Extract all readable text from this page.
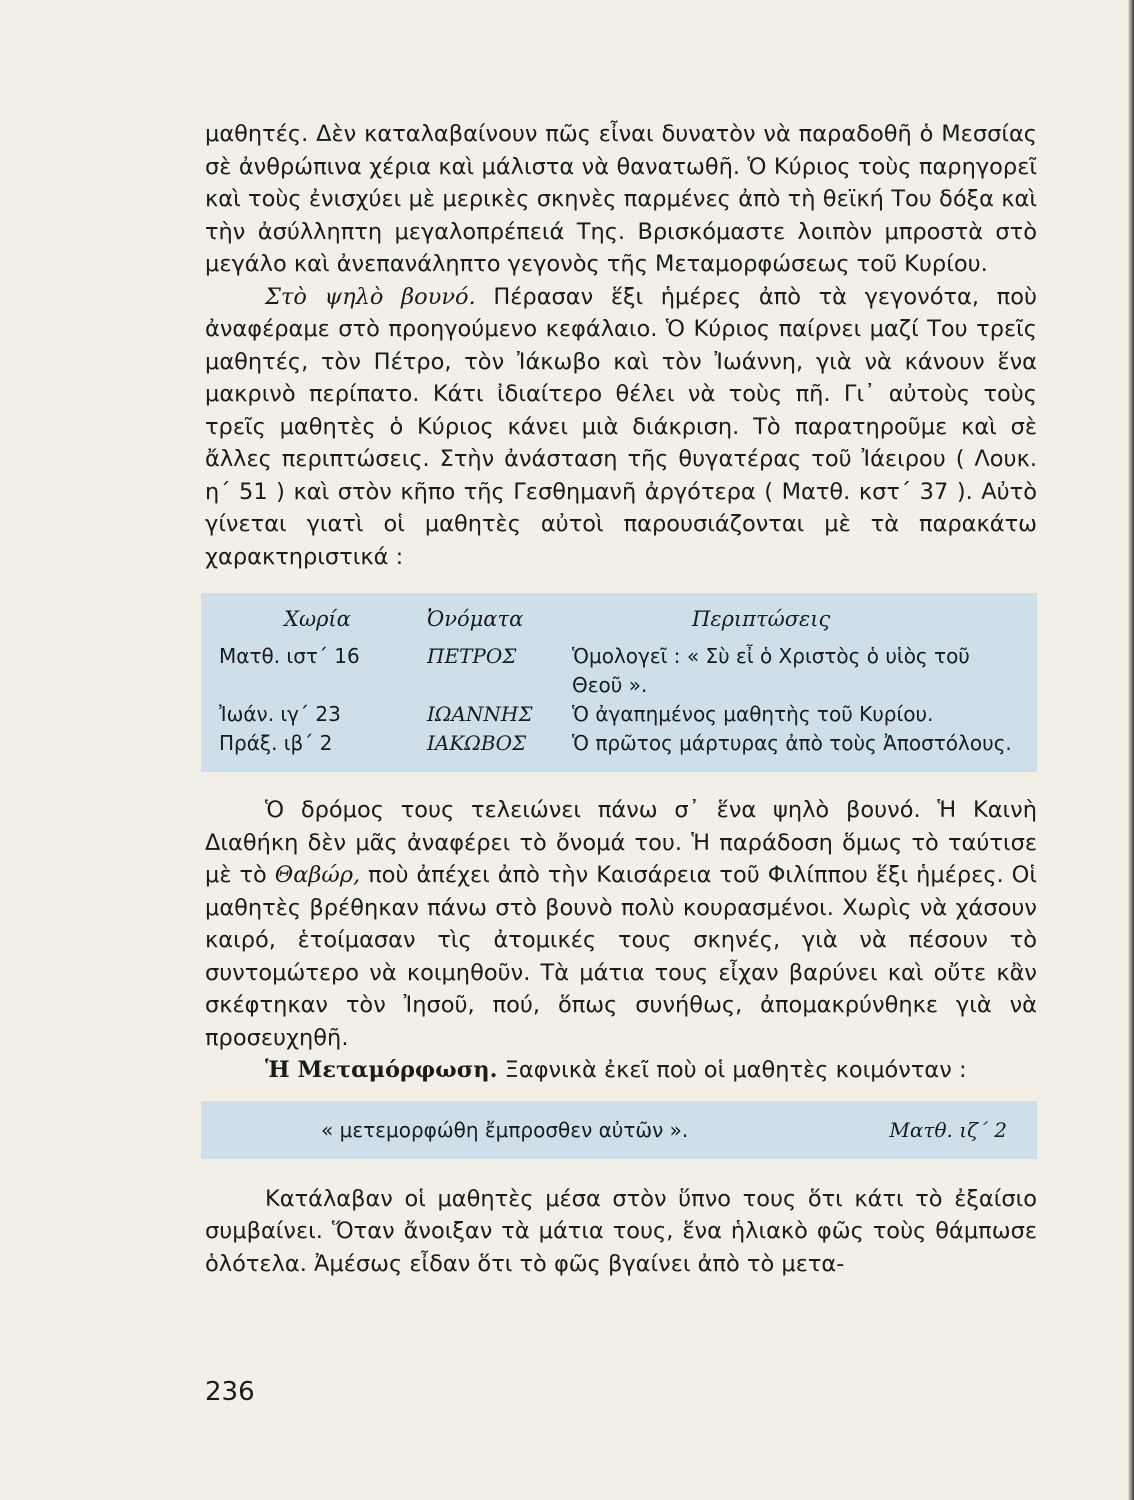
μαθητές. Δὲν καταλαβαίνουν πῶς εἶναι δυνατὸν νὰ παραδοθῆ ὁ Μεσσίας σὲ ἀνθρώπινα χέρια καὶ μάλιστα νὰ θανατωθῆ. Ὁ Κύριος τοὺς παρηγορεῖ καὶ τοὺς ἐνισχύει μὲ μερικὲς σκηνὲς παρμένες ἀπὸ τὴ θεϊκή Του δόξα καὶ τὴν ἀσύλληπτη μεγαλοπρέπειά Της. Βρισκόμαστε λοιπὸν μπροστὰ στὸ μεγάλο καὶ ἀνεπανάληπτο γεγονὸς τῆς Μεταμορφώσεως τοῦ Κυρίου.

Στὸ ψηλὸ βουνό. Πέρασαν ἕξι ἡμέρες ἀπὸ τὰ γεγονότα, ποὺ ἀναφέραμε στὸ προηγούμενο κεφάλαιο. Ὁ Κύριος παίρνει μαζί Του τρεῖς μαθητές, τὸν Πέτρο, τὸν Ἰάκωβο καὶ τὸν Ἰωάννη, γιὰ νὰ κάνουν ἕνα μακρινὸ περίπατο. Κάτι ἰδιαίτερο θέλει νὰ τοὺς πῆ. Γι᾽ αὐτοὺς τοὺς τρεῖς μαθητὲς ὁ Κύριος κάνει μιὰ διάκριση. Τὸ παρατηροῦμε καὶ σὲ ἄλλες περιπτώσεις. Στὴν ἀνάσταση τῆς θυγατέρας τοῦ Ἰάειρου ( Λουκ. η΄ 51 ) καὶ στὸν κῆπο τῆς Γεσθημανῆ ἀργότερα ( Ματθ. κστ΄ 37 ). Αὐτὸ γίνεται γιατὶ οἱ μαθητὲς αὐτοὶ παρουσιάζονται μὲ τὰ παρακάτω χαρακτηριστικά :

Χωρία	Ὀνόματα	Περιπτώσεις
Ματθ. ιστ΄ 16	ΠΕΤΡΟΣ	Ὁμολογεῖ : « Σὺ εἶ ὁ Χριστὸς ὁ υἱὸς τοῦ Θεοῦ ».
Ἰωάν. ιγ΄ 23	ΙΩΑΝΝΗΣ	Ὁ ἀγαπημένος μαθητὴς τοῦ Κυρίου.
Πράξ. ιβ΄ 2	ΙΑΚΩΒΟΣ	Ὁ πρῶτος μάρτυρας ἀπὸ τοὺς Ἀποστόλους.

Ὁ δρόμος τους τελειώνει πάνω σ᾽ ἕνα ψηλὸ βουνό. Ἡ Καινὴ Διαθήκη δὲν μᾶς ἀναφέρει τὸ ὄνομά του. Ἡ παράδοση ὅμως τὸ ταύτισε μὲ τὸ Θαβώρ, ποὺ ἀπέχει ἀπὸ τὴν Καισάρεια τοῦ Φιλίππου ἕξι ἡμέρες. Οἱ μαθητὲς βρέθηκαν πάνω στὸ βουνὸ πολὺ κουρασμένοι. Χωρὶς νὰ χάσουν καιρό, ἑτοίμασαν τὶς ἀτομικές τους σκηνές, γιὰ νὰ πέσουν τὸ συντομώτερο νὰ κοιμηθοῦν. Τὰ μάτια τους εἶχαν βαρύνει καὶ οὔτε κἂν σκέφτηκαν τὸν Ἰησοῦ, πού, ὅπως συνήθως, ἀπομακρύνθηκε γιὰ νὰ προσευχηθῆ.

Ἡ Μεταμόρφωση. Ξαφνικὰ ἐκεῖ ποὺ οἱ μαθητὲς κοιμόνταν :

« μετεμορφώθη ἔμπροσθεν αὐτῶν ».	Ματθ. ιζ΄ 2

Κατάλαβαν οἱ μαθητὲς μέσα στὸν ὕπνο τους ὅτι κάτι τὸ ἐξαίσιο συμβαίνει. Ὅταν ἄνοιξαν τὰ μάτια τους, ἕνα ἡλιακὸ φῶς τοὺς θάμπωσε ὁλότελα. Ἀμέσως εἶδαν ὅτι τὸ φῶς βγαίνει ἀπὸ τὸ μετα-

236
